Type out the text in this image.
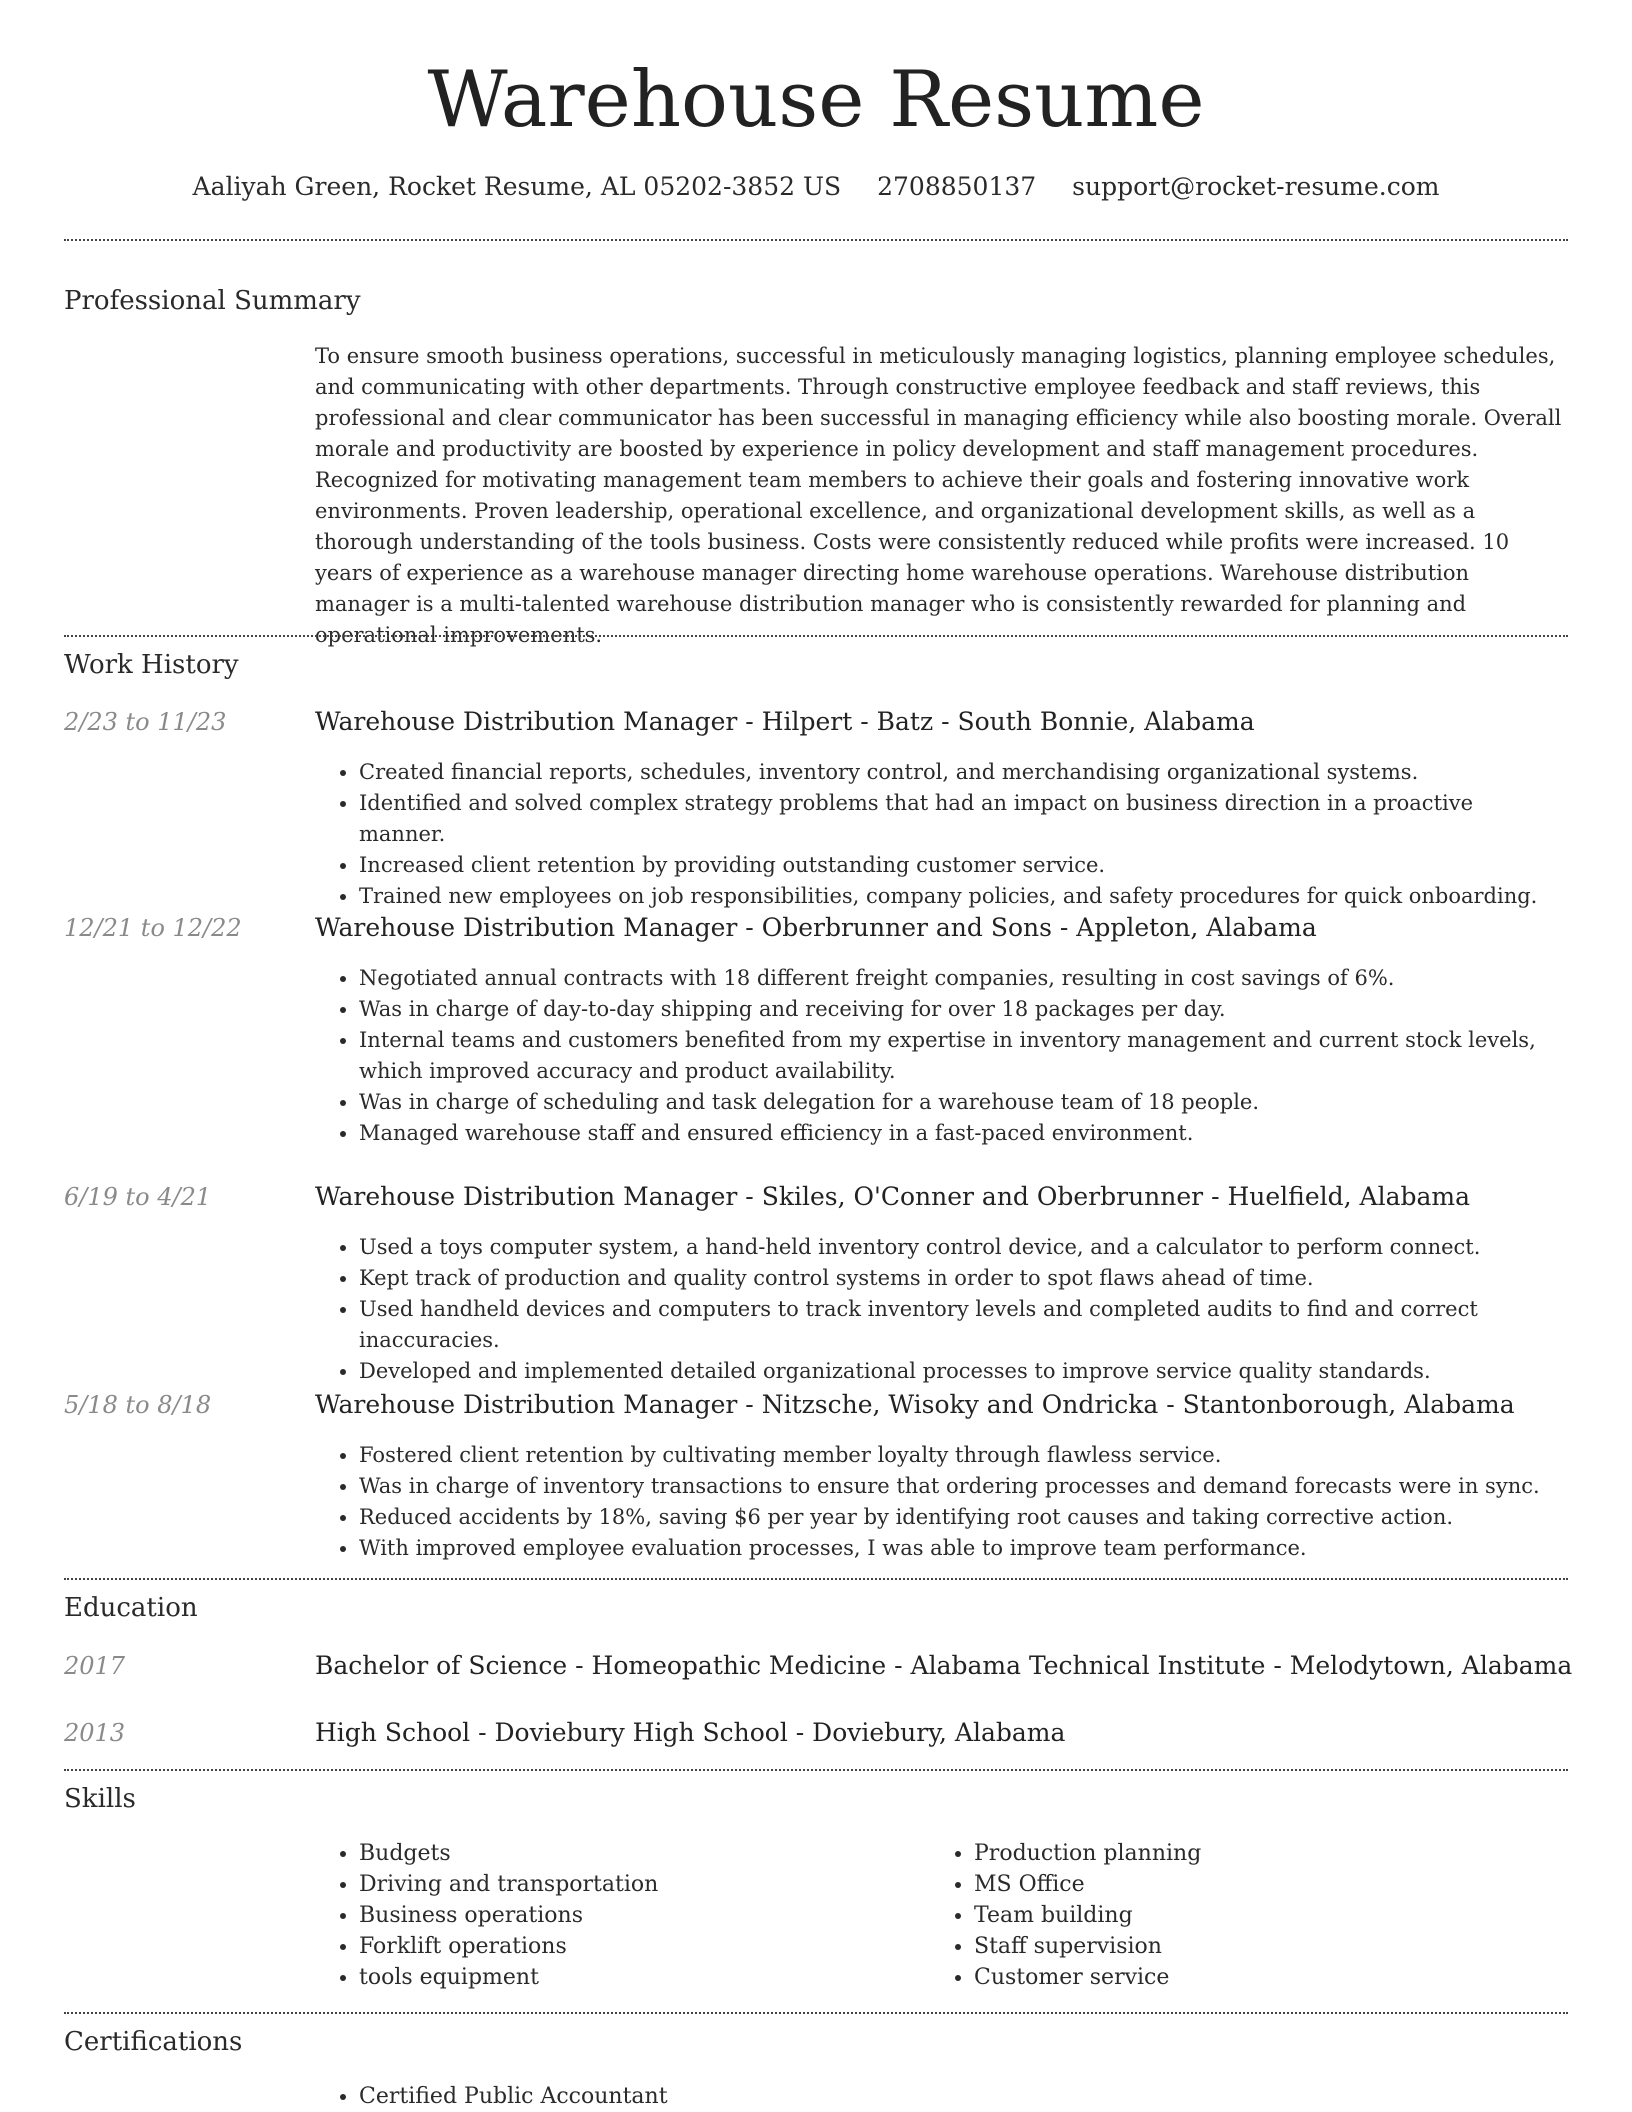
Warehouse Resume
Aaliyah Green, Rocket Resume, AL 05202-3852 US 2708850137 support@rocket-resume.com
Professional Summary
To ensure smooth business operations, successful in meticulously managing logistics, planning employee schedules, and communicating with other departments. Through constructive employee feedback and staff reviews, this professional and clear communicator has been successful in managing efficiency while also boosting morale. Overall morale and productivity are boosted by experience in policy development and staff management procedures. Recognized for motivating management team members to achieve their goals and fostering innovative work environments. Proven leadership, operational excellence, and organizational development skills, as well as a thorough understanding of the tools business. Costs were consistently reduced while profits were increased. 10 years of experience as a warehouse manager directing home warehouse operations. Warehouse distribution manager is a multi-talented warehouse distribution manager who is consistently rewarded for planning and operational improvements.
Work History
2/23 to 11/23	Warehouse Distribution Manager - Hilpert - Batz - South Bonnie, Alabama
• Created financial reports, schedules, inventory control, and merchandising organizational systems.
• Identified and solved complex strategy problems that had an impact on business direction in a proactive manner.
• Increased client retention by providing outstanding customer service.
• Trained new employees on job responsibilities, company policies, and safety procedures for quick onboarding.
12/21 to 12/22	Warehouse Distribution Manager - Oberbrunner and Sons - Appleton, Alabama
• Negotiated annual contracts with 18 different freight companies, resulting in cost savings of 6%.
• Was in charge of day-to-day shipping and receiving for over 18 packages per day.
• Internal teams and customers benefited from my expertise in inventory management and current stock levels, which improved accuracy and product availability.
• Was in charge of scheduling and task delegation for a warehouse team of 18 people.
• Managed warehouse staff and ensured efficiency in a fast-paced environment.
6/19 to 4/21	Warehouse Distribution Manager - Skiles, O'Conner and Oberbrunner - Huelfield, Alabama
• Used a toys computer system, a hand-held inventory control device, and a calculator to perform connect.
• Kept track of production and quality control systems in order to spot flaws ahead of time.
• Used handheld devices and computers to track inventory levels and completed audits to find and correct inaccuracies.
• Developed and implemented detailed organizational processes to improve service quality standards.
5/18 to 8/18	Warehouse Distribution Manager - Nitzsche, Wisoky and Ondricka - Stantonborough, Alabama
• Fostered client retention by cultivating member loyalty through flawless service.
• Was in charge of inventory transactions to ensure that ordering processes and demand forecasts were in sync.
• Reduced accidents by 18%, saving $6 per year by identifying root causes and taking corrective action.
• With improved employee evaluation processes, I was able to improve team performance.
Education
2017	Bachelor of Science - Homeopathic Medicine - Alabama Technical Institute - Melodytown, Alabama
2013	High School - Doviebury High School - Doviebury, Alabama
Skills
• Budgets
• Driving and transportation
• Business operations
• Forklift operations
• tools equipment
• Production planning
• MS Office
• Team building
• Staff supervision
• Customer service
Certifications
• Certified Public Accountant
